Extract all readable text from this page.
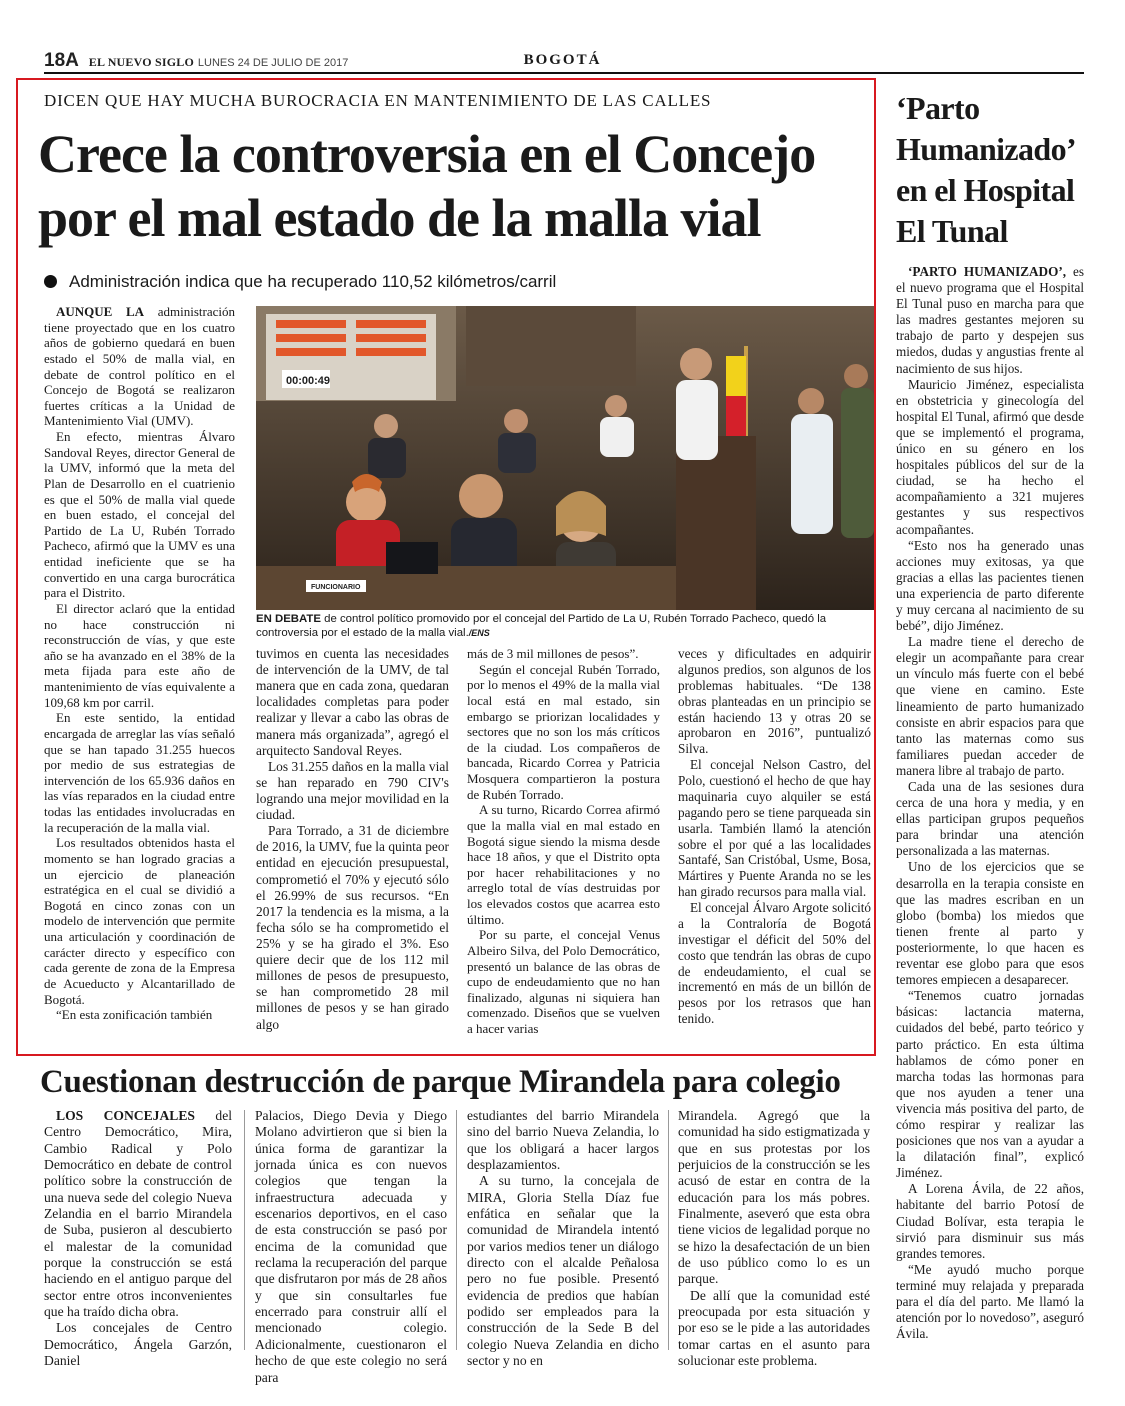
18A EL NUEVO SIGLO LUNES 24 DE JULIO DE 2017	BOGOTÁ
DICEN QUE HAY MUCHA BUROCRACIA EN MANTENIMIENTO DE LAS CALLES
Crece la controversia en el Concejo por el mal estado de la malla vial
Administración indica que ha recuperado 110,52 kilómetros/carril

AUNQUE LA administración tiene proyectado que en los cuatro años de gobierno quedará en buen estado el 50% de malla vial, en debate de control político en el Concejo de Bogotá se realizaron fuertes críticas a la Unidad de Mantenimiento Vial (UMV).

En efecto, mientras Álvaro Sandoval Reyes, director General de la UMV, informó que la meta del Plan de Desarrollo en el cuatrienio es que el 50% de malla vial quede en buen estado, el concejal del Partido de La U, Rubén Torrado Pacheco, afirmó que la UMV es una entidad ineficiente que se ha convertido en una carga burocrática para el Distrito.

El director aclaró que la entidad no hace construcción ni reconstrucción de vías, y que este año se ha avanzado en el 38% de la meta fijada para este año de mantenimiento de vías equivalente a 109,68 km por carril.

En este sentido, la entidad encargada de arreglar las vías señaló que se han tapado 31.255 huecos por medio de sus estrategias de intervención de los 65.936 daños en las vías reparados en la ciudad entre todas las entidades involucradas en la recuperación de la malla vial.

Los resultados obtenidos hasta el momento se han logrado gracias a un ejercicio de planeación estratégica en el cual se dividió a Bogotá en cinco zonas con un modelo de intervención que permite una articulación y coordinación de carácter directo y específico con cada gerente de zona de la Empresa de Acueducto y Alcantarillado de Bogotá.

“En esta zonificación también

00:00:49
FUNCIONARIO
EN DEBATE de control político promovido por el concejal del Partido de La U, Rubén Torrado Pacheco, quedó la controversia por el estado de la malla vial./ENS

tuvimos en cuenta las necesidades de intervención de la UMV, de tal manera que en cada zona, quedaran localidades completas para poder realizar y llevar a cabo las obras de manera más organizada”, agregó el arquitecto Sandoval Reyes.

Los 31.255 daños en la malla vial se han reparado en 790 CIV's logrando una mejor movilidad en la ciudad.

Para Torrado, a 31 de diciembre de 2016, la UMV, fue la quinta peor entidad en ejecución presupuestal, comprometió el 70% y ejecutó sólo el 26.99% de sus recursos. “En 2017 la tendencia es la misma, a la fecha sólo se ha comprometido el 25% y se ha girado el 3%. Eso quiere decir que de los 112 mil millones de pesos de presupuesto, se han comprometido 28 mil millones de pesos y se han girado algo

más de 3 mil millones de pesos”.

Según el concejal Rubén Torrado, por lo menos el 49% de la malla vial local está en mal estado, sin embargo se priorizan localidades y sectores que no son los más críticos de la ciudad. Los compañeros de bancada, Ricardo Correa y Patricia Mosquera compartieron la postura de Rubén Torrado.

A su turno, Ricardo Correa afirmó que la malla vial en mal estado en Bogotá sigue siendo la misma desde hace 18 años, y que el Distrito opta por hacer rehabilitaciones y no arreglo total de vías destruidas por los elevados costos que acarrea esto último.

Por su parte, el concejal Venus Albeiro Silva, del Polo Democrático, presentó un balance de las obras de cupo de endeudamiento que no han finalizado, algunas ni siquiera han comenzado. Diseños que se vuelven a hacer varias

veces y dificultades en adquirir algunos predios, son algunos de los problemas habituales. “De 138 obras planteadas en un principio se están haciendo 13 y otras 20 se aprobaron en 2016”, puntualizó Silva.

El concejal Nelson Castro, del Polo, cuestionó el hecho de que hay maquinaria cuyo alquiler se está pagando pero se tiene parqueada sin usarla. También llamó la atención sobre el por qué a las localidades Santafé, San Cristóbal, Usme, Bosa, Mártires y Puente Aranda no se les han girado recursos para malla vial.

El concejal Álvaro Argote solicitó a la Contraloría de Bogotá investigar el déficit del 50% del costo que tendrán las obras de cupo de endeudamiento, el cual se incrementó en más de un billón de pesos por los retrasos que han tenido.

‘Parto Humanizado’ en el Hospital El Tunal

‘PARTO HUMANIZADO’, es el nuevo programa que el Hospital El Tunal puso en marcha para que las madres gestantes mejoren su trabajo de parto y despejen sus miedos, dudas y angustias frente al nacimiento de sus hijos.

Mauricio Jiménez, especialista en obstetricia y ginecología del hospital El Tunal, afirmó que desde que se implementó el programa, único en su género en los hospitales públicos del sur de la ciudad, se ha hecho el acompañamiento a 321 mujeres gestantes y sus respectivos acompañantes.

“Esto nos ha generado unas acciones muy exitosas, ya que gracias a ellas las pacientes tienen una experiencia de parto diferente y muy cercana al nacimiento de su bebé”, dijo Jiménez.

La madre tiene el derecho de elegir un acompañante para crear un vínculo más fuerte con el bebé que viene en camino. Este lineamiento de parto humanizado consiste en abrir espacios para que tanto las maternas como sus familiares puedan acceder de manera libre al trabajo de parto.

Cada una de las sesiones dura cerca de una hora y media, y en ellas participan grupos pequeños para brindar una atención personalizada a las maternas.

Uno de los ejercicios que se desarrolla en la terapia consiste en que las madres escriban en un globo (bomba) los miedos que tienen frente al parto y posteriormente, lo que hacen es reventar ese globo para que esos temores empiecen a desaparecer.

“Tenemos cuatro jornadas básicas: lactancia materna, cuidados del bebé, parto teórico y parto práctico. En esta última hablamos de cómo poner en marcha todas las hormonas para que nos ayuden a tener una vivencia más positiva del parto, de cómo respirar y realizar las posiciones que nos van a ayudar a la dilatación final”, explicó Jiménez.

A Lorena Ávila, de 22 años, habitante del barrio Potosí de Ciudad Bolívar, esta terapia le sirvió para disminuir sus más grandes temores.

“Me ayudó mucho porque terminé muy relajada y preparada para el día del parto. Me llamó la atención por lo novedoso”, aseguró Ávila.

Cuestionan destrucción de parque Mirandela para colegio

LOS CONCEJALES del Centro Democrático, Mira, Cambio Radical y Polo Democrático en debate de control político sobre la construcción de una nueva sede del colegio Nueva Zelandia en el barrio Mirandela de Suba, pusieron al descubierto el malestar de la comunidad porque la construcción se está haciendo en el antiguo parque del sector entre otros inconvenientes que ha traído dicha obra.

Los concejales de Centro Democrático, Ángela Garzón, Daniel

Palacios, Diego Devia y Diego Molano advirtieron que si bien la única forma de garantizar la jornada única es con nuevos colegios que tengan la infraestructura adecuada y escenarios deportivos, en el caso de esta construcción se pasó por encima de la comunidad que reclama la recuperación del parque que disfrutaron por más de 28 años y que sin consultarles fue encerrado para construir allí el mencionado colegio. Adicionalmente, cuestionaron el hecho de que este colegio no será para

estudiantes del barrio Mirandela sino del barrio Nueva Zelandia, lo que los obligará a hacer largos desplazamientos.

A su turno, la concejala de MIRA, Gloria Stella Díaz fue enfática en señalar que la comunidad de Mirandela intentó por varios medios tener un diálogo directo con el alcalde Peñalosa pero no fue posible. Presentó evidencia de predios que habían podido ser empleados para la construcción de la Sede B del colegio Nueva Zelandia en dicho sector y no en

Mirandela. Agregó que la comunidad ha sido estigmatizada y que en sus protestas por los perjuicios de la construcción se les acusó de estar en contra de la educación para los más pobres. Finalmente, aseveró que esta obra tiene vicios de legalidad porque no se hizo la desafectación de un bien de uso público como lo es un parque.

De allí que la comunidad esté preocupada por esta situación y por eso se le pide a las autoridades tomar cartas en el asunto para solucionar este problema.
